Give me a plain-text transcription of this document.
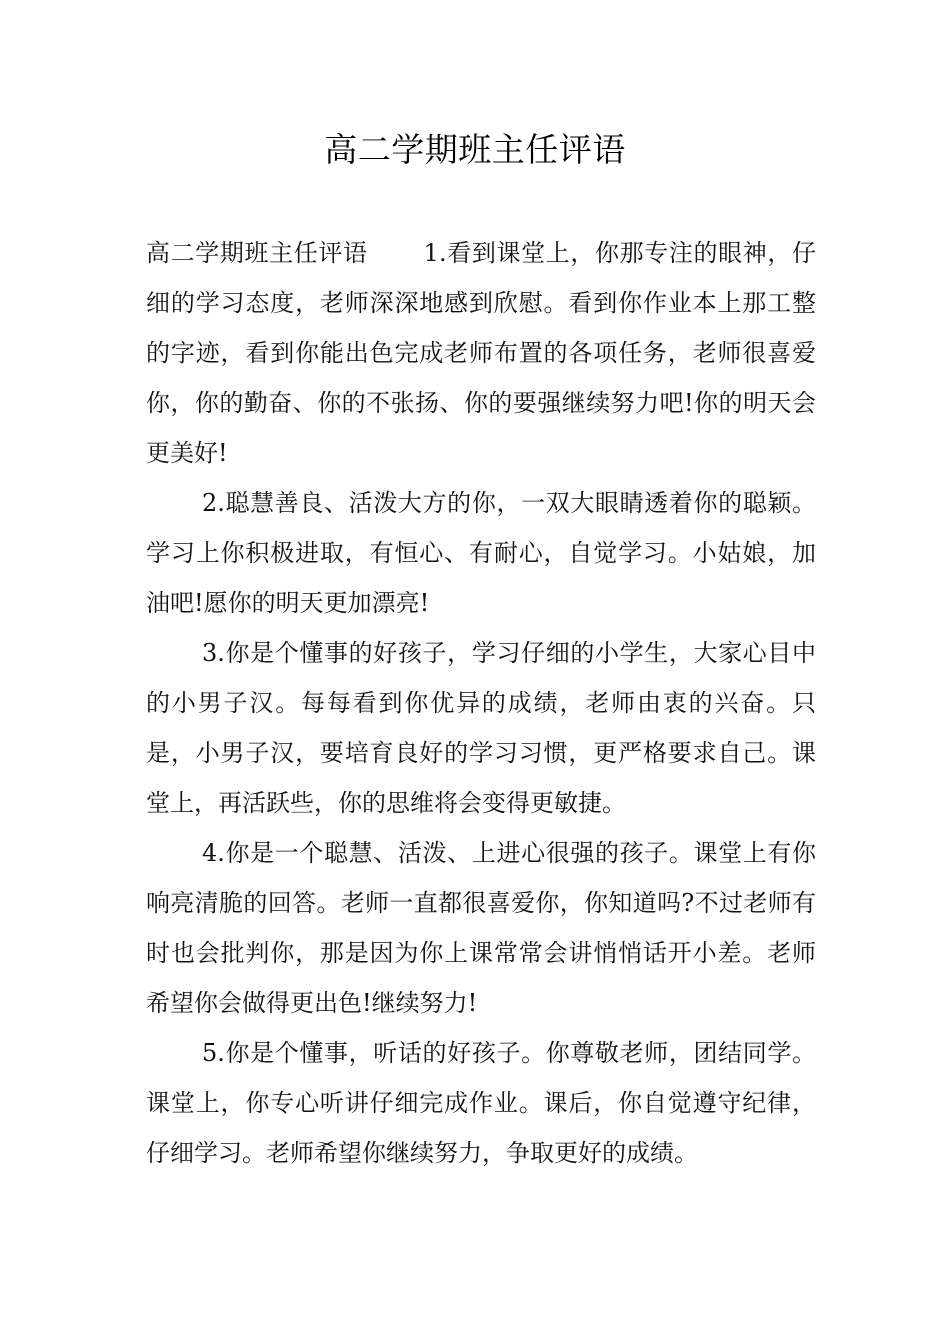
高二学期班主任评语

高二学期班主任评语 1.看到课堂上，你那专注的眼神，仔细的学习态度，老师深深地感到欣慰。看到你作业本上那工整的字迹，看到你能出色完成老师布置的各项任务，老师很喜爱你，你的勤奋、你的不张扬、你的要强继续努力吧!你的明天会更美好!

2.聪慧善良、活泼大方的你，一双大眼睛透着你的聪颖。学习上你积极进取，有恒心、有耐心，自觉学习。小姑娘，加油吧!愿你的明天更加漂亮!

3.你是个懂事的好孩子，学习仔细的小学生，大家心目中的小男子汉。每每看到你优异的成绩，老师由衷的兴奋。只是，小男子汉，要培育良好的学习习惯，更严格要求自己。课堂上，再活跃些，你的思维将会变得更敏捷。

4.你是一个聪慧、活泼、上进心很强的孩子。课堂上有你响亮清脆的回答。老师一直都很喜爱你，你知道吗?不过老师有时也会批判你，那是因为你上课常常会讲悄悄话开小差。老师希望你会做得更出色!继续努力!

5.你是个懂事，听话的好孩子。你尊敬老师，团结同学。课堂上，你专心听讲仔细完成作业。课后，你自觉遵守纪律，仔细学习。老师希望你继续努力，争取更好的成绩。
